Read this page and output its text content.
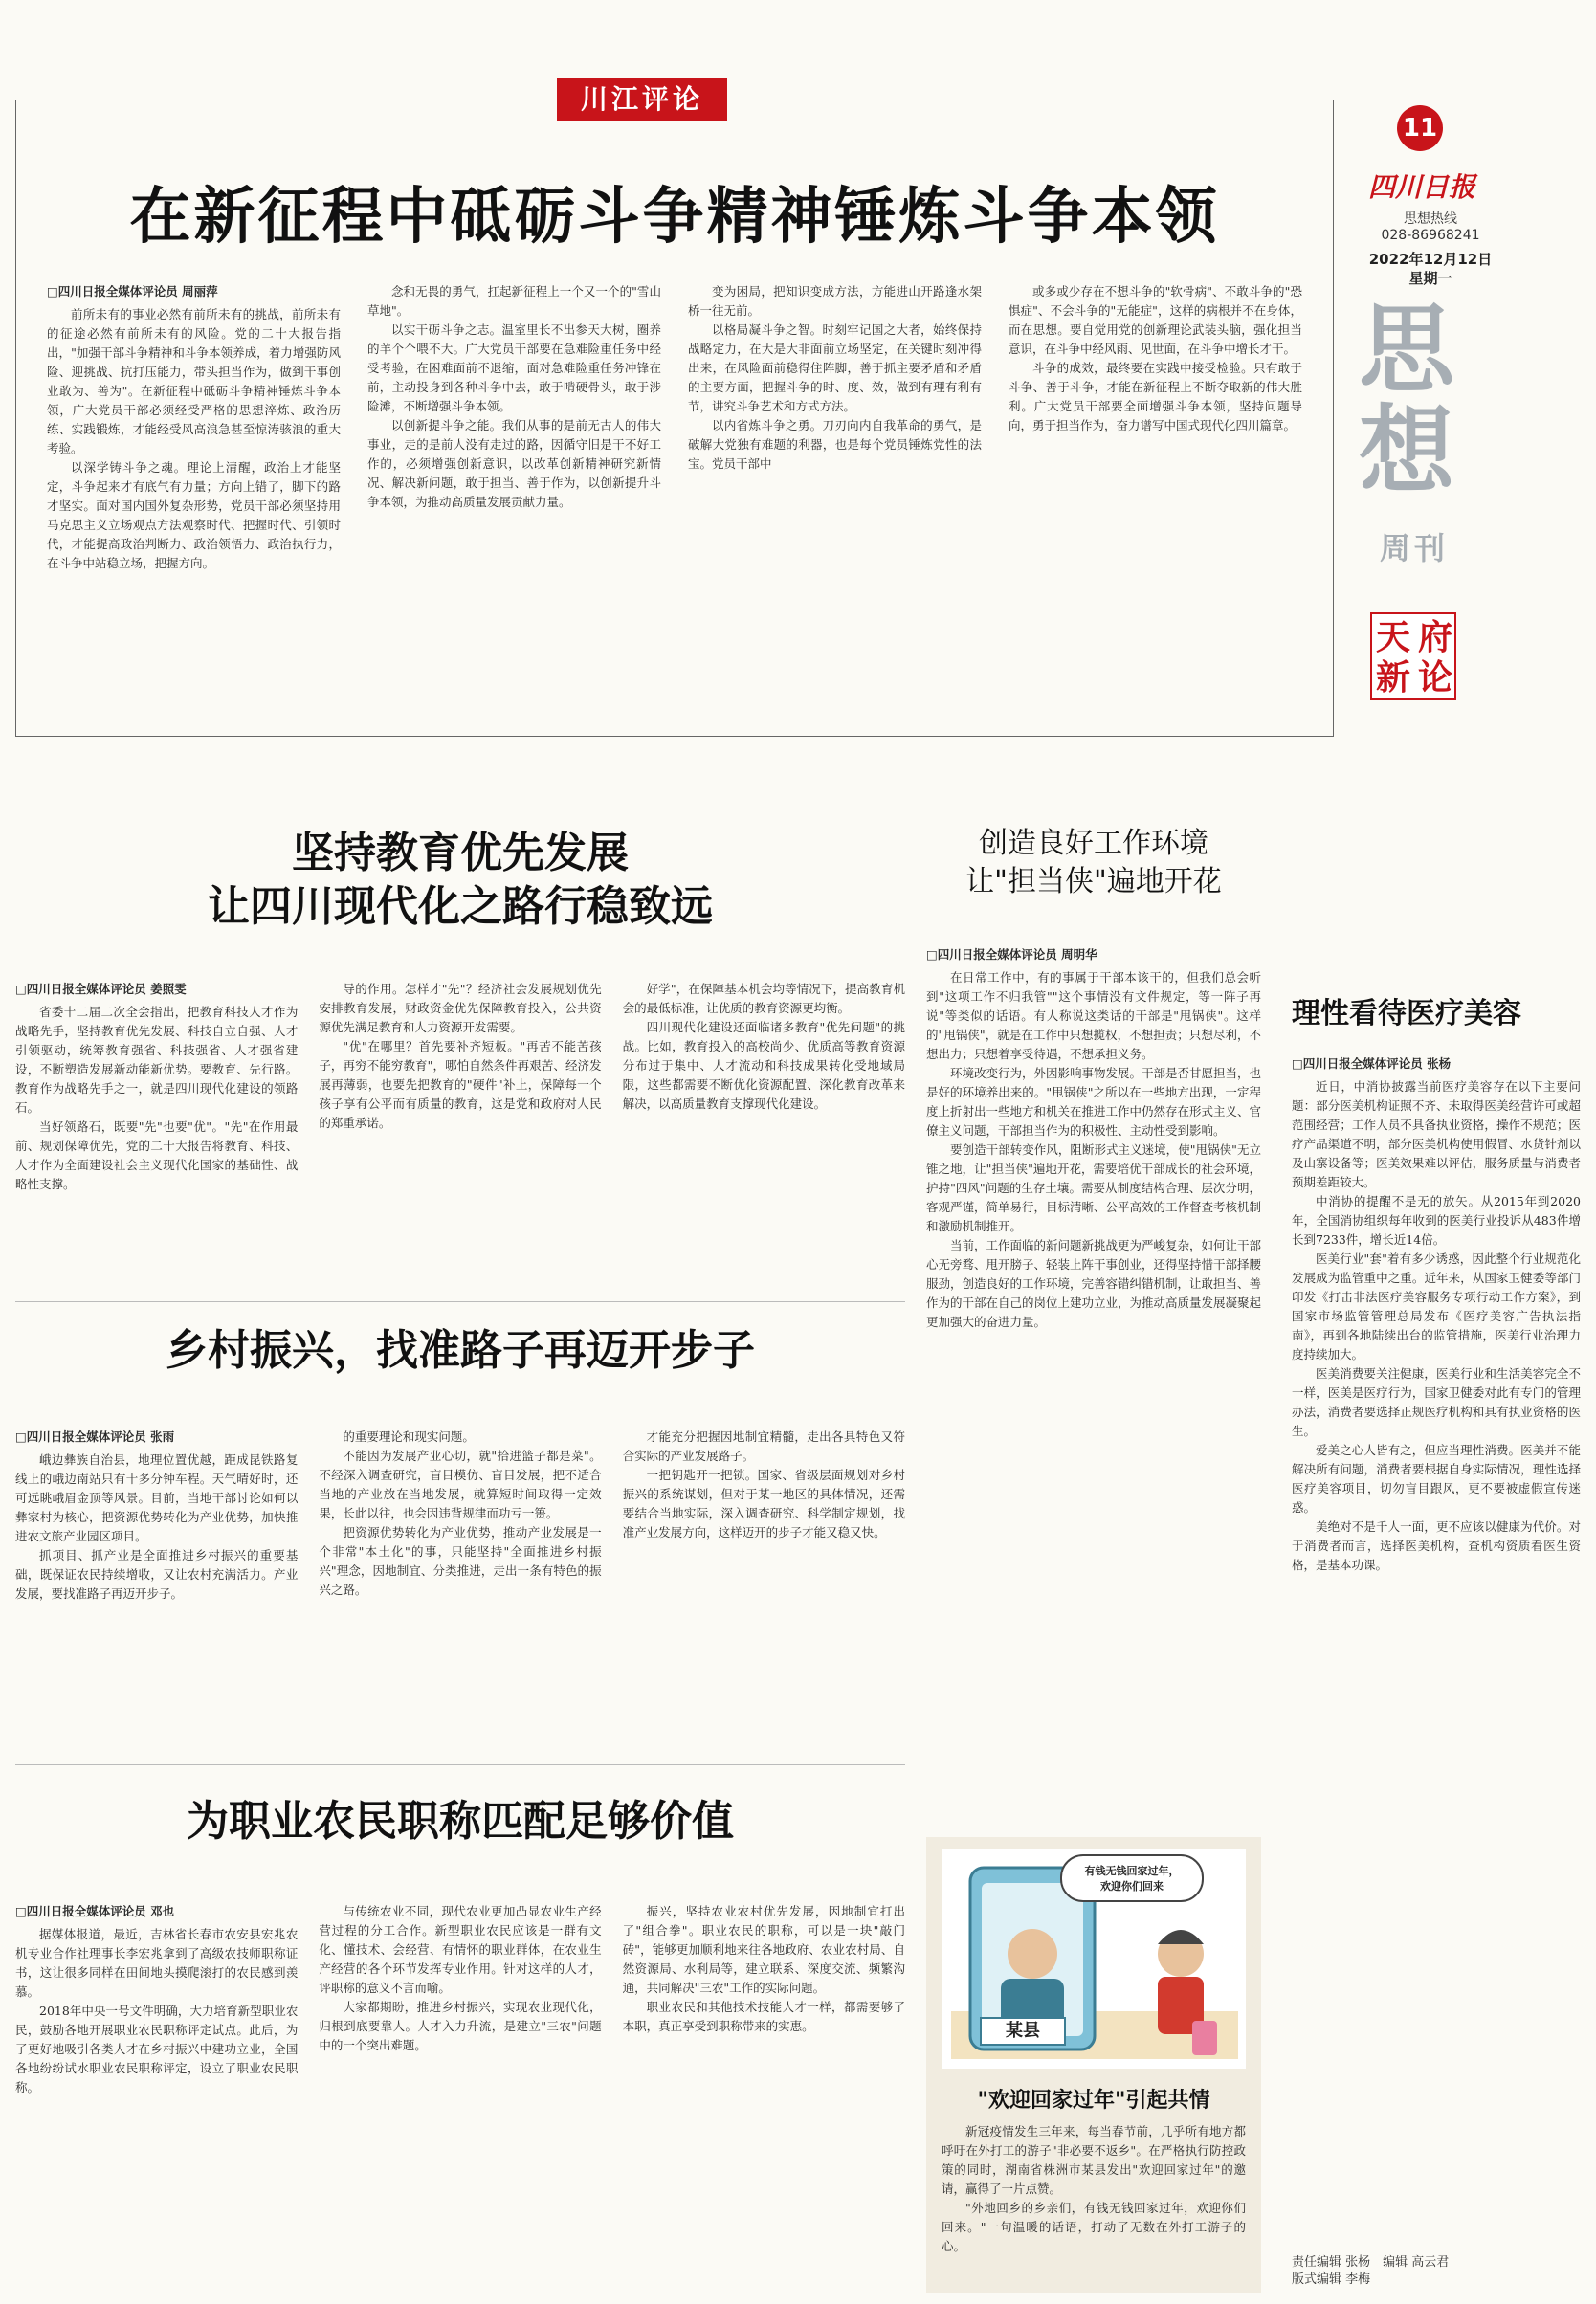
川江评论
在新征程中砥砺斗争精神锤炼斗争本领

□四川日报全媒体评论员 周丽萍

前所未有的事业必然有前所未有的挑战，前所未有的征途必然有前所未有的风险。党的二十大报告指出，"加强干部斗争精神和斗争本领养成，着力增强防风险、迎挑战、抗打压能力，带头担当作为，做到干事创业敢为、善为"。在新征程中砥砺斗争精神锤炼斗争本领，广大党员干部必须经受严格的思想淬炼、政治历练、实践锻炼，才能经受风高浪急甚至惊涛骇浪的重大考验。

以深学铸斗争之魂。理论上清醒，政治上才能坚定，斗争起来才有底气有力量；方向上错了，脚下的路才坚实。面对国内国外复杂形势，党员干部必须坚持用马克思主义立场观点方法观察时代、把握时代、引领时代，才能提高政治判断力、政治领悟力、政治执行力，在斗争中站稳立场，把握方向。

念和无畏的勇气，扛起新征程上一个又一个的"雪山草地"。

以实干砺斗争之志。温室里长不出参天大树，圈养的羊个个喂不大。广大党员干部要在急难险重任务中经受考验，在困难面前不退缩，面对急难险重任务冲锋在前，主动投身到各种斗争中去，敢于啃硬骨头，敢于涉险滩，不断增强斗争本领。

以创新提斗争之能。我们从事的是前无古人的伟大事业，走的是前人没有走过的路，因循守旧是干不好工作的，必须增强创新意识，以改革创新精神研究新情况、解决新问题，敢于担当、善于作为，以创新提升斗争本领，为推动高质量发展贡献力量。

变为困局，把知识变成方法，方能进山开路逢水架桥一往无前。

以格局凝斗争之智。时刻牢记国之大者，始终保持战略定力，在大是大非面前立场坚定，在关键时刻冲得出来，在风险面前稳得住阵脚，善于抓主要矛盾和矛盾的主要方面，把握斗争的时、度、效，做到有理有利有节，讲究斗争艺术和方式方法。

以内省炼斗争之勇。刀刃向内自我革命的勇气，是破解大党独有难题的利器，也是每个党员锤炼党性的法宝。党员干部中

或多或少存在不想斗争的"软骨病"、不敢斗争的"恐惧症"、不会斗争的"无能症"，这样的病根并不在身体，而在思想。要自觉用党的创新理论武装头脑，强化担当意识，在斗争中经风雨、见世面，在斗争中增长才干。

斗争的成效，最终要在实践中接受检验。只有敢于斗争、善于斗争，才能在新征程上不断夺取新的伟大胜利。广大党员干部要全面增强斗争本领，坚持问题导向，勇于担当作为，奋力谱写中国式现代化四川篇章。

11
四川日报
思想热线
028-86968241
2022年12月12日
星期一
思
想
周刊
天 府
新 论
坚持教育优先发展
让四川现代化之路行稳致远

□四川日报全媒体评论员 姜照雯

省委十二届二次全会指出，把教育科技人才作为战略先手，坚持教育优先发展、科技自立自强、人才引领驱动，统筹教育强省、科技强省、人才强省建设，不断塑造发展新动能新优势。要教育、先行路。教育作为战略先手之一，就是四川现代化建设的领路石。

当好领路石，既要"先"也要"优"。"先"在作用最前、规划保障优先，党的二十大报告将教育、科技、人才作为全面建设社会主义现代化国家的基础性、战略性支撑。

导的作用。怎样才"先"？经济社会发展规划优先安排教育发展，财政资金优先保障教育投入，公共资源优先满足教育和人力资源开发需要。

"优"在哪里？首先要补齐短板。"再苦不能苦孩子，再穷不能穷教育"，哪怕自然条件再艰苦、经济发展再薄弱，也要先把教育的"硬件"补上，保障每一个孩子享有公平而有质量的教育，这是党和政府对人民的郑重承诺。

好学"，在保障基本机会均等情况下，提高教育机会的最低标准，让优质的教育资源更均衡。

四川现代化建设还面临诸多教育"优先问题"的挑战。比如，教育投入的高校尚少、优质高等教育资源分布过于集中、人才流动和科技成果转化受地域局限，这些都需要不断优化资源配置、深化教育改革来解决，以高质量教育支撑现代化建设。

乡村振兴，找准路子再迈开步子

□四川日报全媒体评论员 张雨

峨边彝族自治县，地理位置优越，距成昆铁路复线上的峨边南站只有十多分钟车程。天气晴好时，还可远眺峨眉金顶等风景。目前，当地干部讨论如何以彝家村为核心，把资源优势转化为产业优势，加快推进农文旅产业园区项目。

抓项目、抓产业是全面推进乡村振兴的重要基础，既保证农民持续增收，又让农村充满活力。产业发展，要找准路子再迈开步子。

的重要理论和现实问题。

不能因为发展产业心切，就"拾进篮子都是菜"。不经深入调查研究，盲目模仿、盲目发展，把不适合当地的产业放在当地发展，就算短时间取得一定效果，长此以往，也会因违背规律而功亏一篑。

把资源优势转化为产业优势，推动产业发展是一个非常"本土化"的事，只能坚持"全面推进乡村振兴"理念，因地制宜、分类推进，走出一条有特色的振兴之路。

才能充分把握因地制宜精髓，走出各具特色又符合实际的产业发展路子。

一把钥匙开一把锁。国家、省级层面规划对乡村振兴的系统谋划，但对于某一地区的具体情况，还需要结合当地实际，深入调查研究、科学制定规划，找准产业发展方向，这样迈开的步子才能又稳又快。

为职业农民职称匹配足够价值

□四川日报全媒体评论员 邓也

据媒体报道，最近，吉林省长春市农安县宏兆农机专业合作社理事长李宏兆拿到了高级农技师职称证书，这让很多同样在田间地头摸爬滚打的农民感到羡慕。

2018年中央一号文件明确，大力培育新型职业农民，鼓励各地开展职业农民职称评定试点。此后，为了更好地吸引各类人才在乡村振兴中建功立业，全国各地纷纷试水职业农民职称评定，设立了职业农民职称。

与传统农业不同，现代农业更加凸显农业生产经营过程的分工合作。新型职业农民应该是一群有文化、懂技术、会经营、有情怀的职业群体，在农业生产经营的各个环节发挥专业作用。针对这样的人才，评职称的意义不言而喻。

大家都期盼，推进乡村振兴，实现农业现代化，归根到底要靠人。人才入力升流，是建立"三农"问题中的一个突出难题。

振兴，坚持农业农村优先发展，因地制宜打出了"组合拳"。职业农民的职称，可以是一块"敲门砖"，能够更加顺利地来往各地政府、农业农村局、自然资源局、水利局等，建立联系、深度交流、频繁沟通，共同解决"三农"工作的实际问题。

职业农民和其他技术技能人才一样，都需要够了本职，真正享受到职称带来的实惠。

创造良好工作环境
让"担当侠"遍地开花

□四川日报全媒体评论员 周明华

在日常工作中，有的事属于干部本该干的，但我们总会听到"这项工作不归我管""这个事情没有文件规定，等一阵子再说"等类似的话语。有人称说这类话的干部是"甩锅侠"。这样的"甩锅侠"，就是在工作中只想揽权，不想担责；只想尽利，不想出力；只想着享受待遇，不想承担义务。

环境改变行为，外因影响事物发展。干部是否甘愿担当，也是好的环境养出来的。"甩锅侠"之所以在一些地方出现，一定程度上折射出一些地方和机关在推进工作中仍然存在形式主义、官僚主义问题，干部担当作为的积极性、主动性受到影响。

要创造干部转变作风，阻断形式主义迷境，使"甩锅侠"无立锥之地，让"担当侠"遍地开花，需要培优干部成长的社会环境，护持"四风"问题的生存土壤。需要从制度结构合理、层次分明，客观严谨，简单易行，目标清晰、公平高效的工作督查考核机制和激励机制推开。

当前，工作面临的新问题新挑战更为严峻复杂，如何让干部心无旁骛、甩开膀子、轻装上阵干事创业，还得坚持惜干部择腰服劲，创造良好的工作环境，完善容错纠错机制，让敢担当、善作为的干部在自己的岗位上建功立业，为推动高质量发展凝聚起更加强大的奋进力量。

理性看待医疗美容

□四川日报全媒体评论员 张杨

近日，中消协披露当前医疗美容存在以下主要问题：部分医美机构证照不齐、未取得医美经营许可或超范围经营；工作人员不具备执业资格，操作不规范；医疗产品渠道不明，部分医美机构使用假冒、水货针剂以及山寨设备等；医美效果难以评估，服务质量与消费者预期差距较大。

中消协的提醒不是无的放矢。从2015年到2020年，全国消协组织每年收到的医美行业投诉从483件增长到7233件，增长近14倍。

医美行业"套"着有多少诱惑，因此整个行业规范化发展成为监管重中之重。近年来，从国家卫健委等部门印发《打击非法医疗美容服务专项行动工作方案》，到国家市场监管管理总局发布《医疗美容广告执法指南》，再到各地陆续出台的监管措施，医美行业治理力度持续加大。

医美消费要关注健康，医美行业和生活美容完全不一样，医美是医疗行为，国家卫健委对此有专门的管理办法，消费者要选择正规医疗机构和具有执业资格的医生。

爱美之心人皆有之，但应当理性消费。医美并不能解决所有问题，消费者要根据自身实际情况，理性选择医疗美容项目，切勿盲目跟风，更不要被虚假宣传迷惑。

美绝对不是千人一面，更不应该以健康为代价。对于消费者而言，选择医美机构，查机构资质看医生资格，是基本功课。

有钱无钱回家过年，
欢迎你们回来
某县
"欢迎回家过年"引起共情

新冠疫情发生三年来，每当春节前，几乎所有地方都呼吁在外打工的游子"非必要不返乡"。在严格执行防控政策的同时，湖南省株洲市某县发出"欢迎回家过年"的邀请，赢得了一片点赞。

"外地回乡的乡亲们，有钱无钱回家过年，欢迎你们回来。"一句温暖的话语，打动了无数在外打工游子的心。

责任编辑 张杨　编辑 高云君
版式编辑 李梅
